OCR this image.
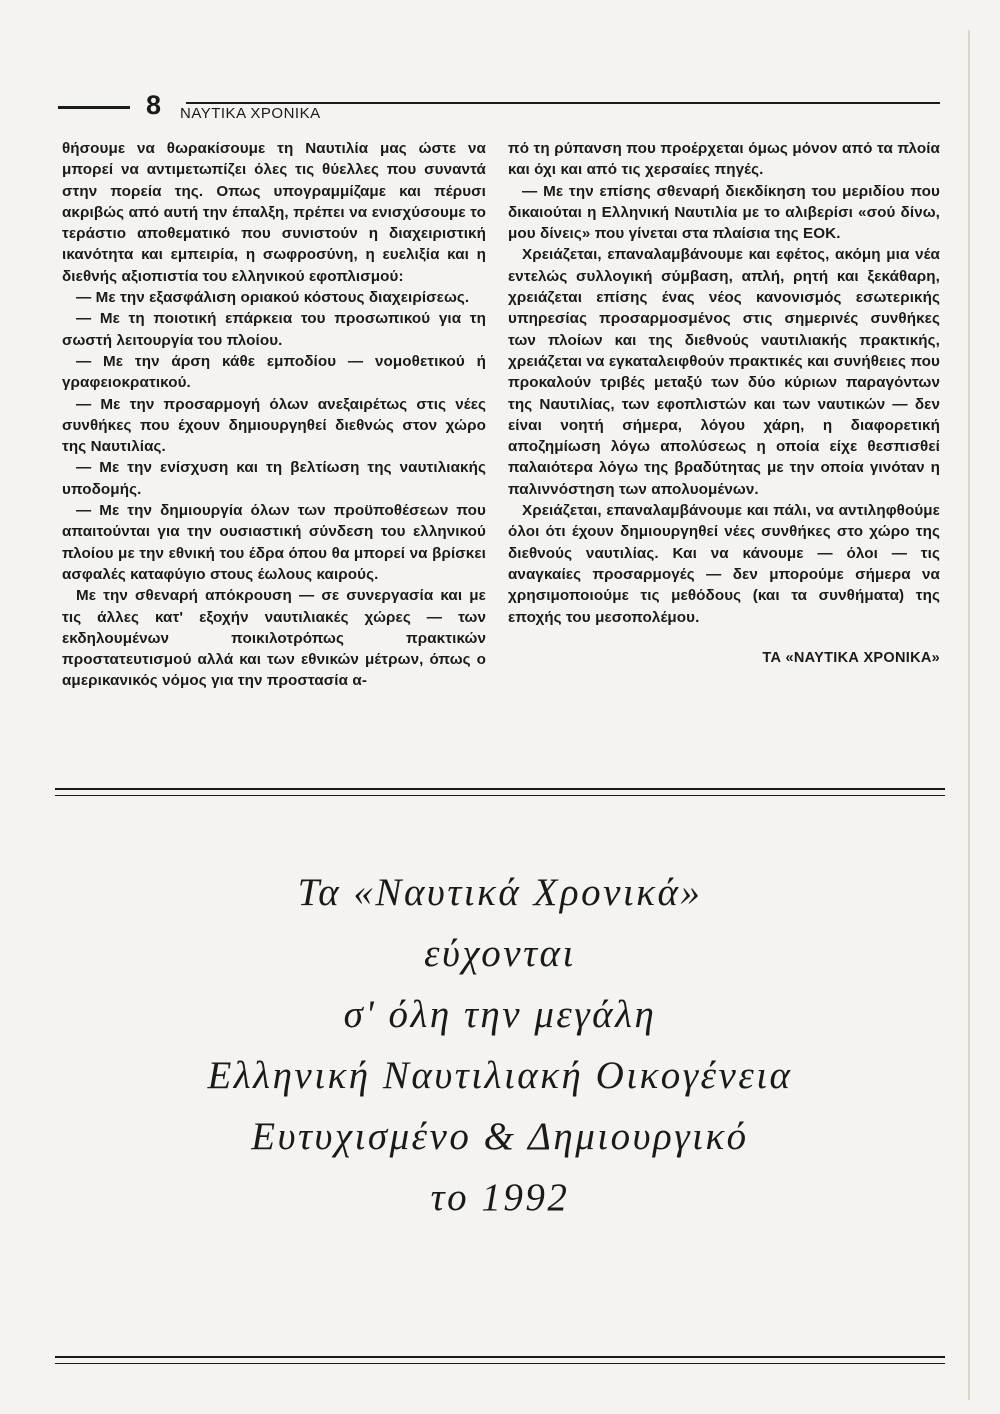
8 ΝΑΥΤΙΚΑ ΧΡΟΝΙΚΑ

θήσουμε να θωρακίσουμε τη Ναυτιλία μας ώστε να μπορεί να αντιμετωπίζει όλες τις θύελλες που συναντά στην πορεία της. Οπως υπογραμμίζαμε και πέρυσι ακριβώς από αυτή την έπαλξη, πρέπει να ενισχύσουμε το τεράστιο αποθεματικό που συνιστούν η διαχειριστική ικανότητα και εμπειρία, η σωφροσύνη, η ευελιξία και η διεθνής αξιοπιστία του ελληνικού εφοπλισμού:

— Με την εξασφάλιση οριακού κόστους διαχειρίσεως.

— Με τη ποιοτική επάρκεια του προσωπικού για τη σωστή λειτουργία του πλοίου.

— Με την άρση κάθε εμποδίου — νομοθετικού ή γραφειοκρατικού.

— Με την προσαρμογή όλων ανεξαιρέτως στις νέες συνθήκες που έχουν δημιουργηθεί διεθνώς στον χώρο της Ναυτιλίας.

— Με την ενίσχυση και τη βελτίωση της ναυτιλιακής υποδομής.

— Με την δημιουργία όλων των προϋποθέσεων που απαιτούνται για την ουσιαστική σύνδεση του ελληνικού πλοίου με την εθνική του έδρα όπου θα μπορεί να βρίσκει ασφαλές καταφύγιο στους έωλους καιρούς.

Με την σθεναρή απόκρουση — σε συνεργασία και με τις άλλες κατ' εξοχήν ναυτιλιακές χώρες — των εκδηλουμένων ποικιλοτρόπως πρακτικών προστατευτισμού αλλά και των εθνικών μέτρων, όπως ο αμερικανικός νόμος για την προστασία α-

πό τη ρύπανση που προέρχεται όμως μόνον από τα πλοία και όχι και από τις χερσαίες πηγές.

— Με την επίσης σθεναρή διεκδίκηση του μεριδίου που δικαιούται η Ελληνική Ναυτιλία με το αλιβερίσι «σού δίνω, μου δίνεις» που γίνεται στα πλαίσια της ΕΟΚ.

Χρειάζεται, επαναλαμβάνουμε και εφέτος, ακόμη μια νέα εντελώς συλλογική σύμβαση, απλή, ρητή και ξεκάθαρη, χρειάζεται επίσης ένας νέος κανονισμός εσωτερικής υπηρεσίας προσαρμοσμένος στις σημερινές συνθήκες των πλοίων και της διεθνούς ναυτιλιακής πρακτικής, χρειάζεται να εγκαταλειφθούν πρακτικές και συνήθειες που προκαλούν τριβές μεταξύ των δύο κύριων παραγόντων της Ναυτιλίας, των εφοπλιστών και των ναυτικών — δεν είναι νοητή σήμερα, λόγου χάρη, η διαφορετική αποζημίωση λόγω απολύσεως η οποία είχε θεσπισθεί παλαιότερα λόγω της βραδύτητας με την οποία γινόταν η παλιννόστηση των απολυομένων.

Χρειάζεται, επαναλαμβάνουμε και πάλι, να αντιληφθούμε όλοι ότι έχουν δημιουργηθεί νέες συνθήκες στο χώρο της διεθνούς ναυτιλίας. Και να κάνουμε — όλοι — τις αναγκαίες προσαρμογές — δεν μπορούμε σήμερα να χρησιμοποιούμε τις μεθόδους (και τα συνθήματα) της εποχής του μεσοπολέμου.

ΤΑ «ΝΑΥΤΙΚΑ ΧΡΟΝΙΚΑ»

Τα «Ναυτικά Χρονικά»
εύχονται
σ' όλη την μεγάλη
Ελληνική Ναυτιλιακή Οικογένεια
Ευτυχισμένο & Δημιουργικό
το 1992
